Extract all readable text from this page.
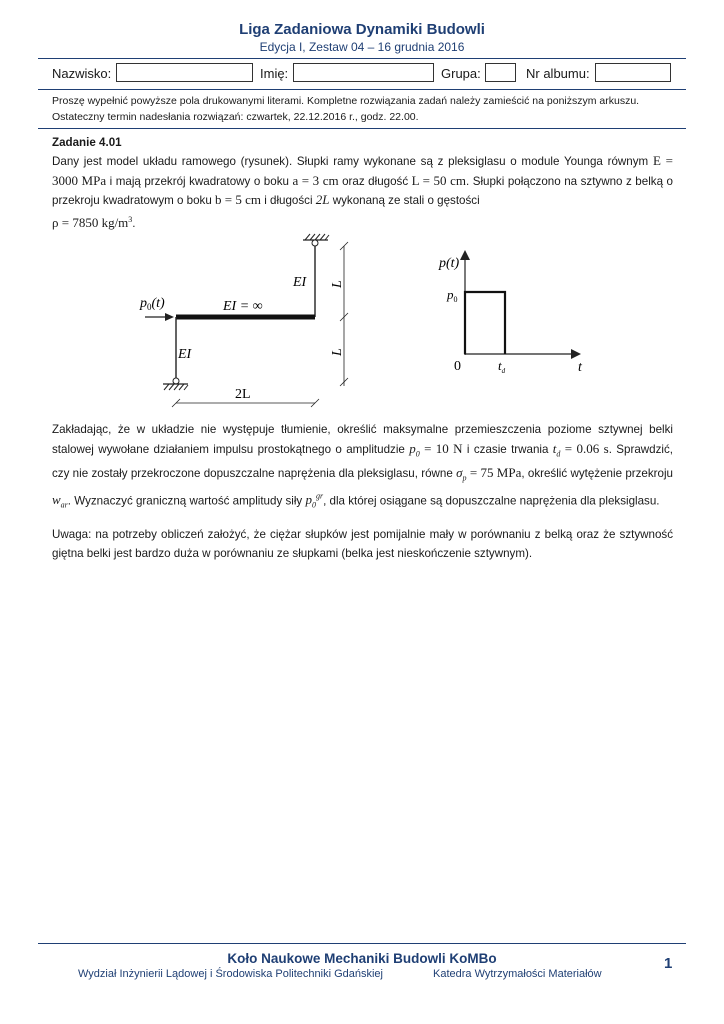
Liga Zadaniowa Dynamiki Budowli
Edycja I, Zestaw 04 – 16 grudnia 2016
Nazwisko:	Imię:	Grupa:	Nr albumu:
Proszę wypełnić powyższe pola drukowanymi literami. Kompletne rozwiązania zadań należy zamieścić na poniższym arkuszu.
Ostateczny termin nadesłania rozwiązań: czwartek, 22.12.2016 r., godz. 22.00.
Zadanie 4.01
Dany jest model układu ramowego (rysunek). Słupki ramy wykonane są z pleksiglasu o module Younga równym E = 3000 MPa i mają przekrój kwadratowy o boku a = 3 cm oraz długość L = 50 cm. Słupki połączono na sztywno z belką o przekroju kwadratowym o boku b = 5 cm i długości 2L wykonaną ze stali o gęstości
ρ = 7850 $kg/m^3$.
EI
EI = ∞
EI
L
L
2L
$p_0(t)$
p(t)
$p_0$
0	$t_d$	t
Zakładając, że w układzie nie występuje tłumienie, określić maksymalne przemieszczenia poziome sztywnej belki stalowej wywołane działaniem impulsu prostokątnego o amplitudzie $p_0 = 10$ N i czasie trwania $t_d = 0.06$ s. Sprawdzić, czy nie zostały przekroczone dopuszczalne naprężenia dla pleksiglasu, równe $\sigma_p = 75$ MPa, określić wytężenie przekroju $w_{ar}$. Wyznaczyć graniczną wartość amplitudy siły $p_0^{gr}$, dla której osiągane są dopuszczalne naprężenia dla pleksiglasu.
Uwaga: na potrzeby obliczeń założyć, że ciężar słupków jest pomijalnie mały w porównaniu z belką oraz że sztywność giętna belki jest bardzo duża w porównaniu ze słupkami (belka jest nieskończenie sztywnym).
Koło Naukowe Mechaniki Budowli KoMBo
Wydział Inżynierii Lądowej i Środowiska Politechniki Gdańskiej	Katedra Wytrzymałości Materiałów
1
